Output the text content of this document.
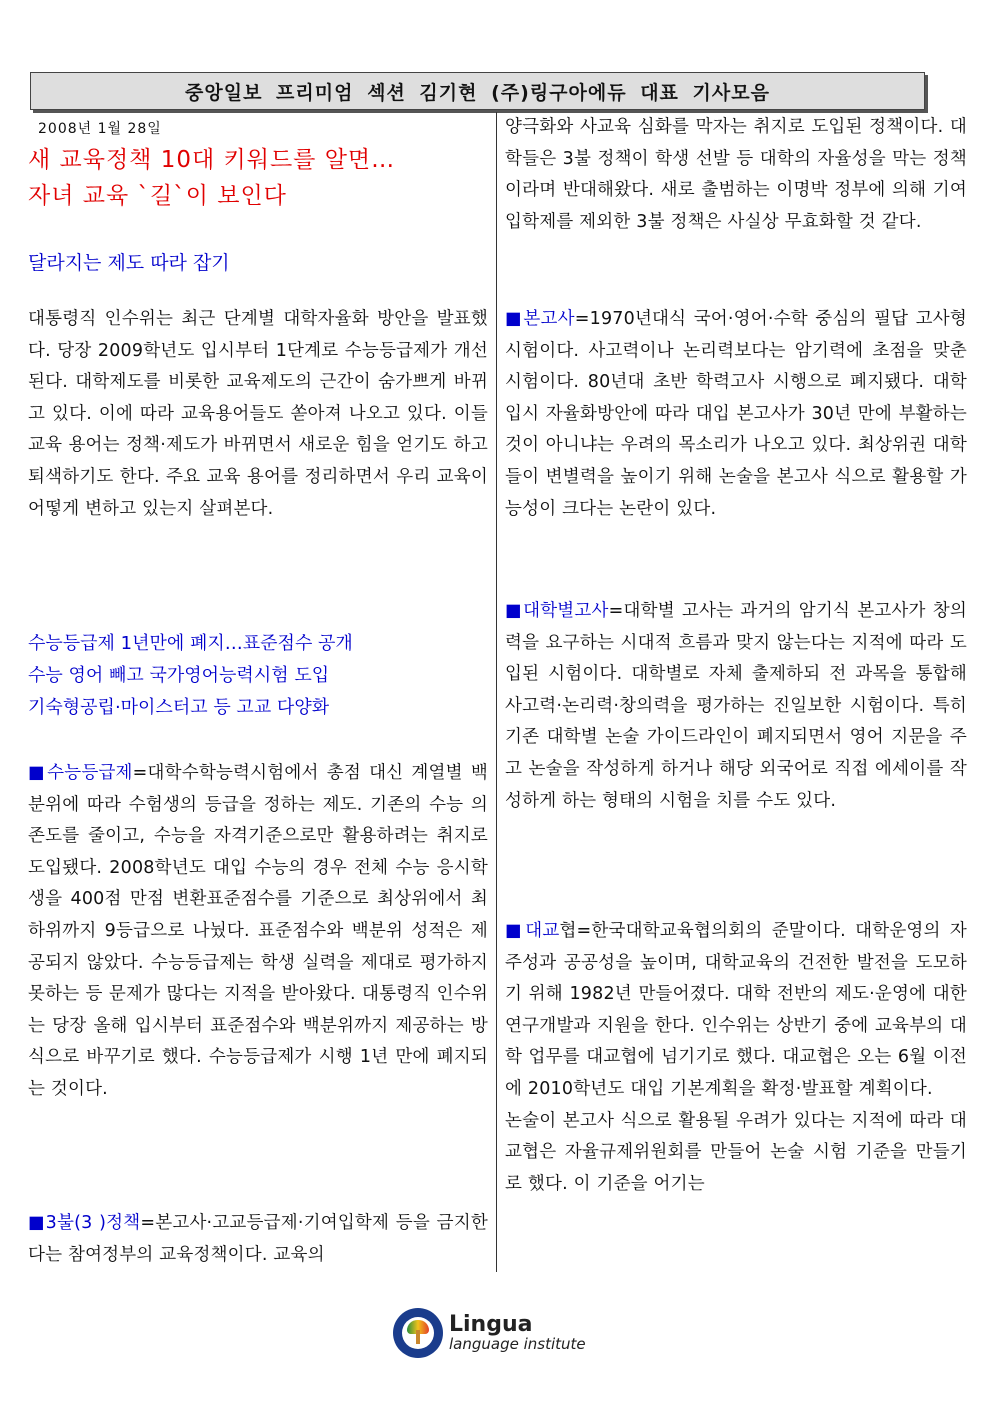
중앙일보 프리미엄 섹션 김기현 (주)링구아에듀 대표 기사모음
2008년 1월 28일
새 교육정책 10대 키워드를 알면…
자녀 교육 `길`이 보인다
달라지는 제도 따라 잡기
대통령직 인수위는 최근 단계별 대학자율화 방안을 발표했다. 당장 2009학년도 입시부터 1단계로 수능등급제가 개선된다. 대학제도를 비롯한 교육제도의 근간이 숨가쁘게 바뀌고 있다. 이에 따라 교육용어들도 쏟아져 나오고 있다. 이들 교육 용어는 정책·제도가 바뀌면서 새로운 힘을 얻기도 하고 퇴색하기도 한다. 주요 교육 용어를 정리하면서 우리 교육이 어떻게 변하고 있는지 살펴본다.
수능등급제 1년만에 폐지…표준점수 공개
수능 영어 빼고 국가영어능력시험 도입
기숙형공립·마이스터고 등 고교 다양화
■수능등급제=대학수학능력시험에서 총점 대신 계열별 백분위에 따라 수험생의 등급을 정하는 제도. 기존의 수능 의존도를 줄이고, 수능을 자격기준으로만 활용하려는 취지로 도입됐다. 2008학년도 대입 수능의 경우 전체 수능 응시학생을 400점 만점 변환표준점수를 기준으로 최상위에서 최하위까지 9등급으로 나눴다. 표준점수와 백분위 성적은 제공되지 않았다. 수능등급제는 학생 실력을 제대로 평가하지 못하는 등 문제가 많다는 지적을 받아왔다. 대통령직 인수위는 당장 올해 입시부터 표준점수와 백분위까지 제공하는 방식으로 바꾸기로 했다. 수능등급제가 시행 1년 만에 폐지되는 것이다.
■3불(3 )정책=본고사·고교등급제·기여입학제 등을 금지한다는 참여정부의 교육정책이다. 교육의
양극화와 사교육 심화를 막자는 취지로 도입된 정책이다. 대학들은 3불 정책이 학생 선발 등 대학의 자율성을 막는 정책이라며 반대해왔다. 새로 출범하는 이명박 정부에 의해 기여입학제를 제외한 3불 정책은 사실상 무효화할 것 같다.
■본고사=1970년대식 국어·영어·수학 중심의 필답 고사형 시험이다. 사고력이나 논리력보다는 암기력에 초점을 맞춘 시험이다. 80년대 초반 학력고사 시행으로 폐지됐다. 대학입시 자율화방안에 따라 대입 본고사가 30년 만에 부활하는 것이 아니냐는 우려의 목소리가 나오고 있다. 최상위권 대학들이 변별력을 높이기 위해 논술을 본고사 식으로 활용할 가능성이 크다는 논란이 있다.
■대학별고사=대학별 고사는 과거의 암기식 본고사가 창의력을 요구하는 시대적 흐름과 맞지 않는다는 지적에 따라 도입된 시험이다. 대학별로 자체 출제하되 전 과목을 통합해 사고력·논리력·창의력을 평가하는 진일보한 시험이다. 특히 기존 대학별 논술 가이드라인이 폐지되면서 영어 지문을 주고 논술을 작성하게 하거나 해당 외국어로 직접 에세이를 작성하게 하는 형태의 시험을 치를 수도 있다.
■대교협=한국대학교육협의회의 준말이다. 대학운영의 자주성과 공공성을 높이며, 대학교육의 건전한 발전을 도모하기 위해 1982년 만들어졌다. 대학 전반의 제도·운영에 대한 연구개발과 지원을 한다. 인수위는 상반기 중에 교육부의 대학 업무를 대교협에 넘기기로 했다. 대교협은 오는 6월 이전에 2010학년도 대입 기본계획을 확정·발표할 계획이다.
논술이 본고사 식으로 활용될 우려가 있다는 지적에 따라 대교협은 자율규제위원회를 만들어 논술 시험 기준을 만들기로 했다. 이 기준을 어기는
Lingua
language institute
